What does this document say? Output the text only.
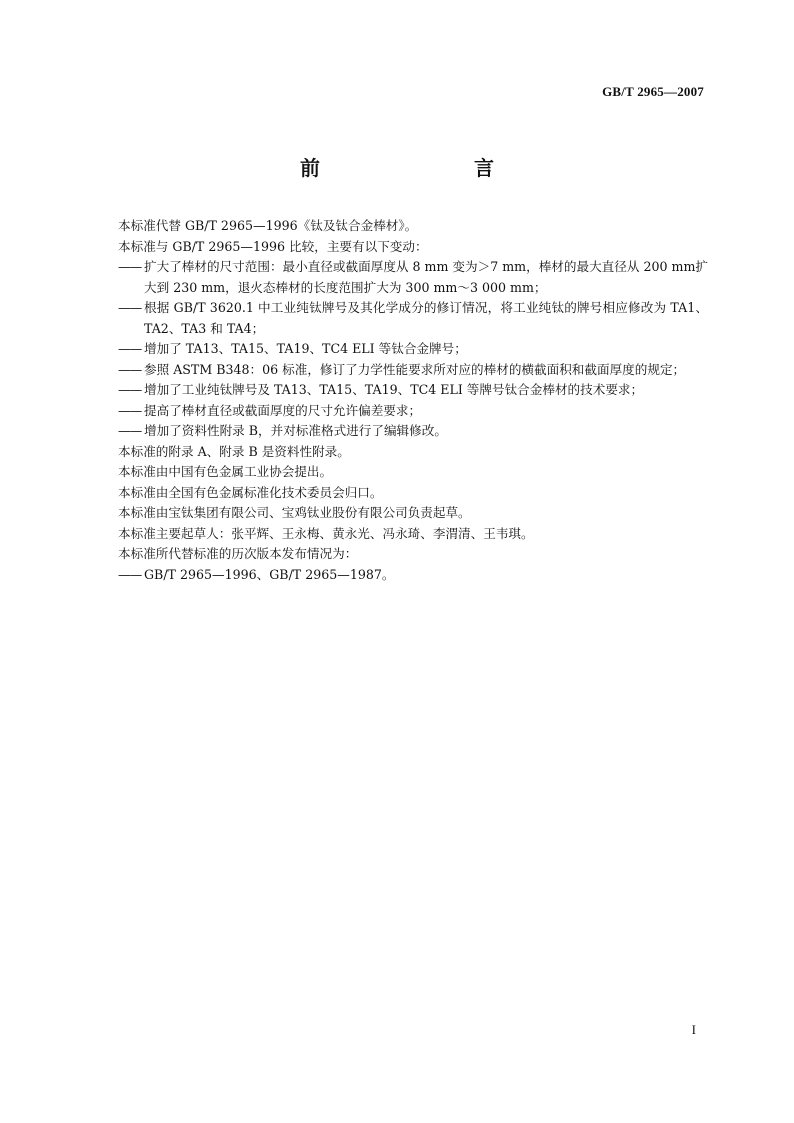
GB/T 2965—2007
前　　言
本标准代替 GB/T 2965—1996《钛及钛合金棒材》。
本标准与 GB/T 2965—1996 比较，主要有以下变动：
—— 扩大了棒材的尺寸范围：最小直径或截面厚度从 8 mm 变为＞7 mm，棒材的最大直径从 200 mm扩大到 230 mm，退火态棒材的长度范围扩大为 300 mm～3 000 mm；
—— 根据 GB/T 3620.1 中工业纯钛牌号及其化学成分的修订情况，将工业纯钛的牌号相应修改为 TA1、TA2、TA3 和 TA4；
—— 增加了 TA13、TA15、TA19、TC4 ELI 等钛合金牌号；
—— 参照 ASTM B348：06 标准，修订了力学性能要求所对应的棒材的横截面积和截面厚度的规定；
—— 增加了工业纯钛牌号及 TA13、TA15、TA19、TC4 ELI 等牌号钛合金棒材的技术要求；
—— 提高了棒材直径或截面厚度的尺寸允许偏差要求；
—— 增加了资料性附录 B，并对标准格式进行了编辑修改。
本标准的附录 A、附录 B 是资料性附录。
本标准由中国有色金属工业协会提出。
本标准由全国有色金属标准化技术委员会归口。
本标准由宝钛集团有限公司、宝鸡钛业股份有限公司负责起草。
本标准主要起草人：张平辉、王永梅、黄永光、冯永琦、李渭清、王韦琪。
本标准所代替标准的历次版本发布情况为：
—— GB/T 2965—1996、GB/T 2965—1987。
I
